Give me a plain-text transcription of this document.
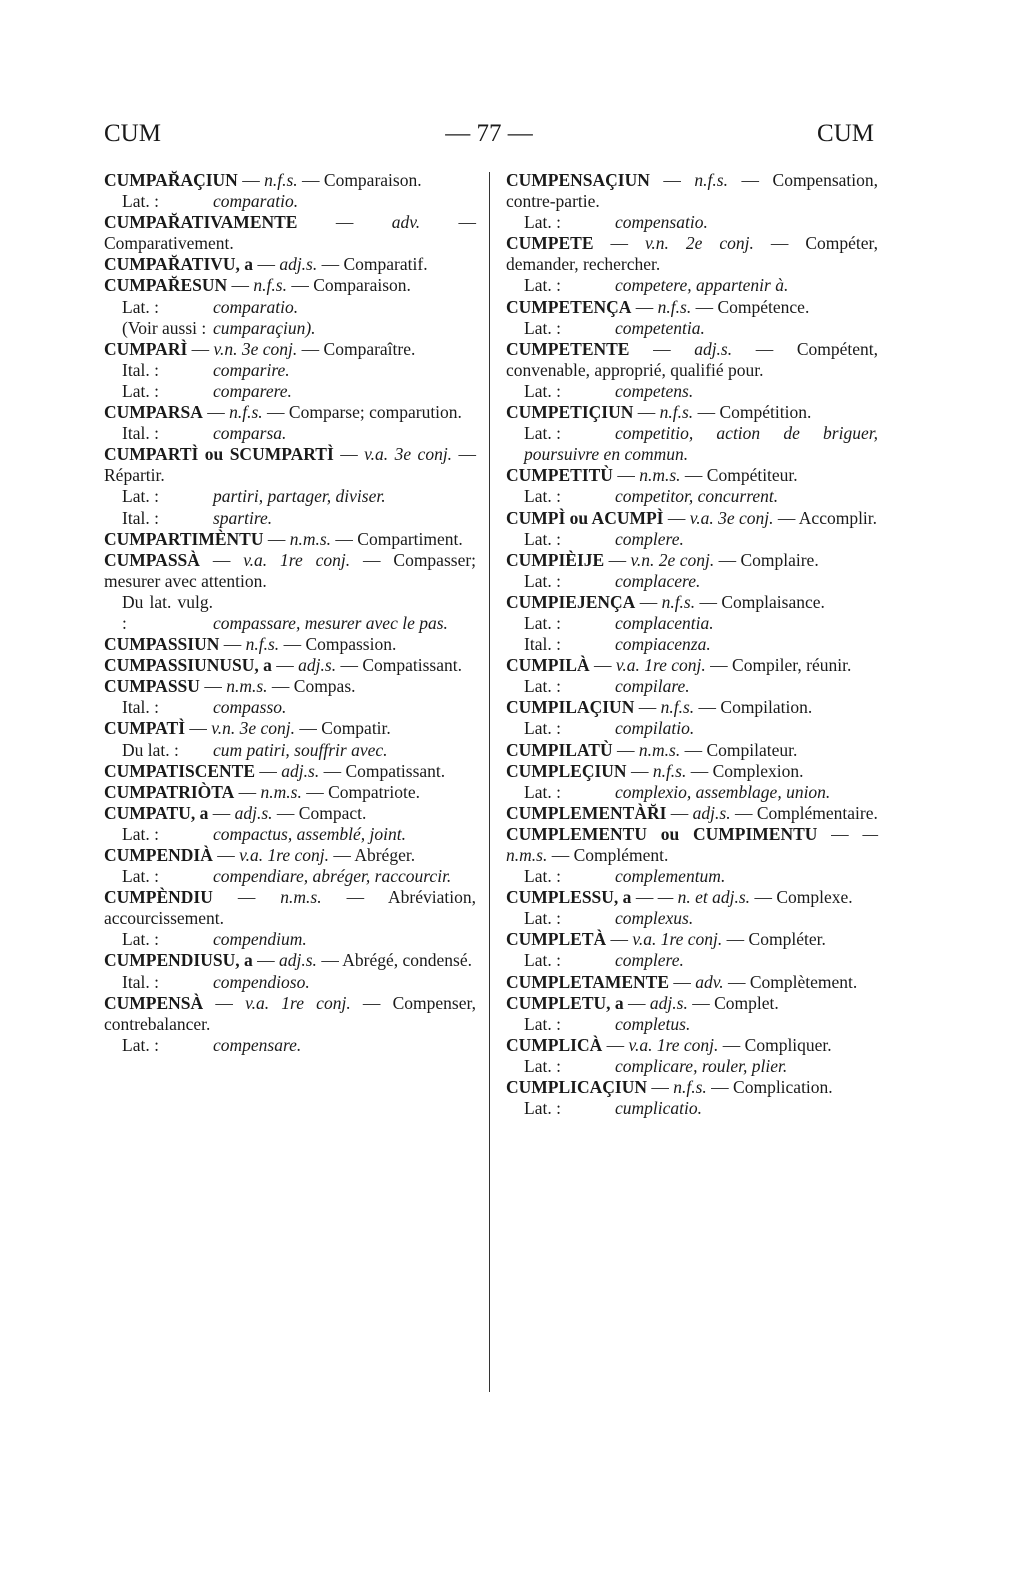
CUM	— 77 —	CUM
CUMPAR̆AÇIUN — n.f.s. — Comparaison.
Lat. :	comparatio.
CUMPAR̆ATIVAMENTE — adv. — Comparativement.
CUMPAR̆ATIVU, a — adj.s. — Comparatif.
CUMPAR̆ESUN — n.f.s. — Comparaison.
Lat. :	comparatio.
(Voir aussi : cumparaçiun).
CUMPARÌ — v.n. 3e conj. — Comparaître.
Ital. :	comparire.
Lat. :	comparere.
CUMPARSA — n.f.s. — Comparse; comparution.
Ital. :	comparsa.
CUMPARTÌ ou SCUMPARTÌ — v.a. 3e conj. — Répartir.
Lat. :	partiri, partager, diviser.
Ital. :	spartire.
CUMPARTIMÈNTU — n.m.s. — Compartiment.
CUMPASSÀ — v.a. 1re conj. — Compasser; mesurer avec attention.
Du lat. vulg. :	compassare, mesurer avec le pas.
CUMPASSIUN — n.f.s. — Compassion.
CUMPASSIUNUSU, a — adj.s. — Compatissant.
CUMPASSU — n.m.s. — Compas.
Ital. :	compasso.
CUMPATÌ — v.n. 3e conj. — Compatir.
Du lat. : cum patiri, souffrir avec.
CUMPATISCENTE — adj.s. — Compatissant.
CUMPATRIÒTA — n.m.s. — Compatriote.
CUMPATU, a — adj.s. — Compact.
Lat. :	compactus, assemblé, joint.
CUMPENDIÀ — v.a. 1re conj. — Abréger.
Lat. :	compendiare, abréger, raccourcir.
CUMPÈNDIU — n.m.s. — Abréviation, accourcissement.
Lat. :	compendium.
CUMPENDIUSU, a — adj.s. — Abrégé, condensé.
Ital. :	compendioso.
CUMPENSÀ — v.a. 1re conj. — Compenser, contrebalancer.
Lat. :	compensare.
CUMPENSAÇIUN — n.f.s. — Compensation, contre-partie.
Lat. :	compensatio.
CUMPETE — v.n. 2e conj. — Compéter, demander, rechercher.
Lat. :	competere, appartenir à.
CUMPETENÇA — n.f.s. — Compétence.
Lat. :	competentia.
CUMPETENTE — adj.s. — Compétent, convenable, approprié, qualifié pour.
Lat. :	competens.
CUMPETIÇIUN — n.f.s. — Compétition.
Lat. :	competitio, action de briguer, poursuivre en commun.
CUMPETITÙ — n.m.s. — Compétiteur.
Lat. :	competitor, concurrent.
CUMPÌ ou ACUMPÌ — v.a. 3e conj. — Accomplir.
Lat. :	complere.
CUMPIÈIJE — v.n. 2e conj. — Complaire.
Lat. :	complacere.
CUMPIEJENÇA — n.f.s. — Complaisance.
Lat. :	complacentia.
Ital. :	compiacenza.
CUMPILÀ — v.a. 1re conj. — Compiler, réunir.
Lat. :	compilare.
CUMPILAÇIUN — n.f.s. — Compilation.
Lat. :	compilatio.
CUMPILATÙ — n.m.s. — Compilateur.
CUMPLEÇIUN — n.f.s. — Complexion.
Lat. :	complexio, assemblage, union.
CUMPLEMENTÀR̆I — adj.s. — Complémentaire.
CUMPLEMENTU ou CUMPIMENTU — — n.m.s. — Complément.
Lat. :	complementum.
CUMPLESSU, a — — n. et adj.s. — Complexe.
Lat. :	complexus.
CUMPLETÀ — v.a. 1re conj. — Compléter.
Lat. :	complere.
CUMPLETAMENTE — adv. — Complètement.
CUMPLETU, a — adj.s. — Complet.
Lat. :	completus.
CUMPLICÀ — v.a. 1re conj. — Compliquer.
Lat. :	complicare, rouler, plier.
CUMPLICAÇIUN — n.f.s. — Complication.
Lat. :	cumplicatio.
